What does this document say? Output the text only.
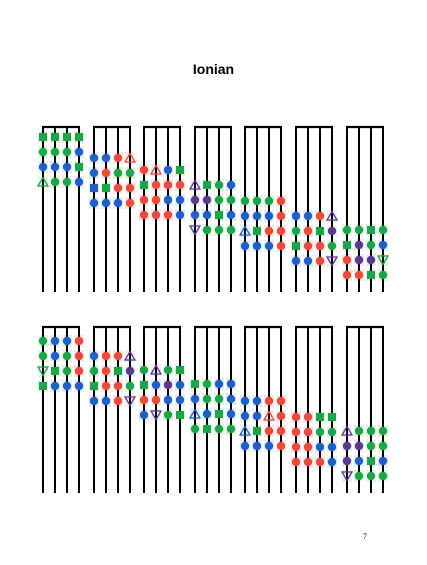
Ionian
7
